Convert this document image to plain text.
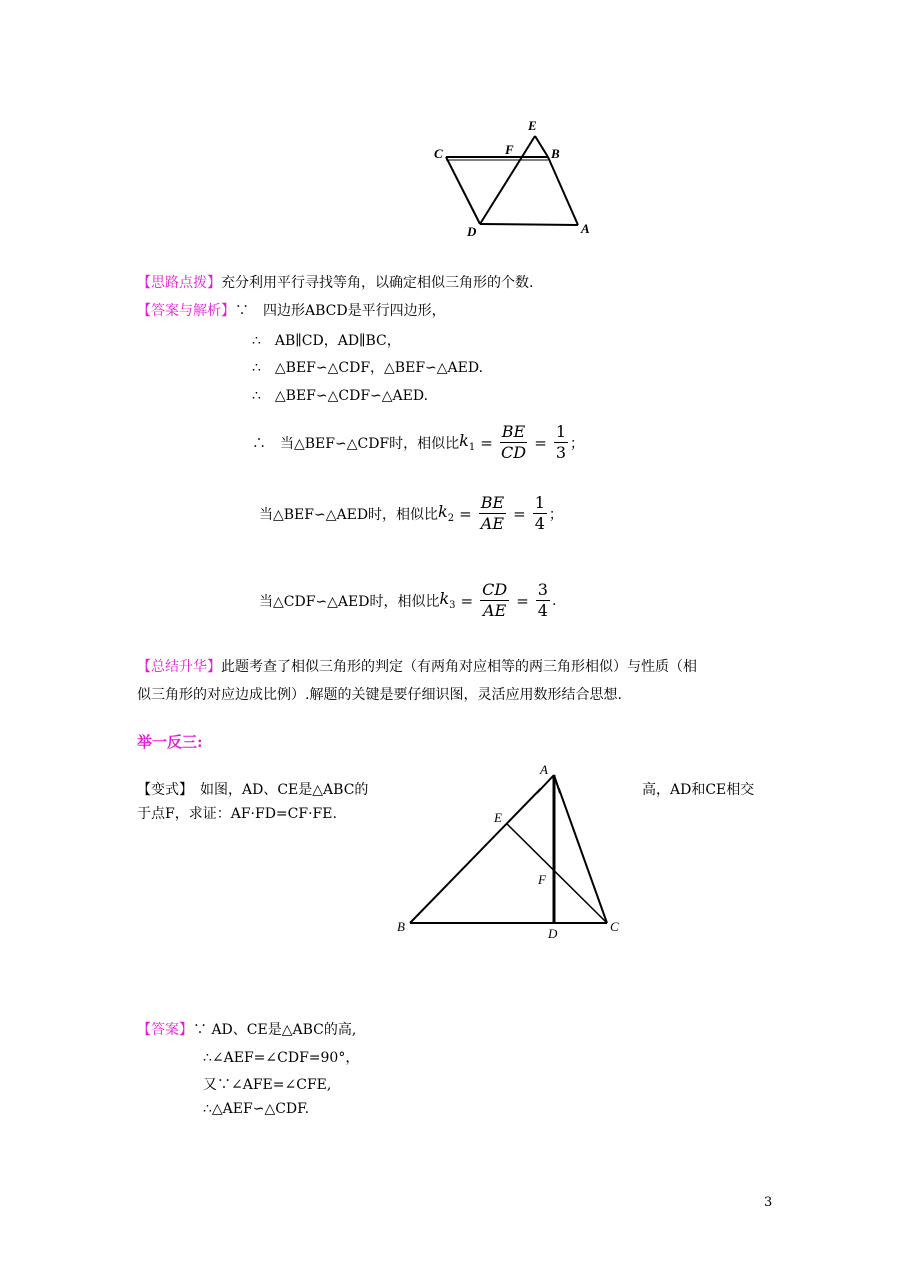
E
F	B
C
D	A
【思路点拨】充分利用平行寻找等角，以确定相似三角形的个数.
【答案与解析】∵　四边形ABCD是平行四边形，
∴　AB∥CD，AD∥BC，
∴　△BEF∽△CDF，△BEF∽△AED.
∴　△BEF∽△CDF∽△AED.
∴　当△BEF∽△CDF时，相似比 $k_1 = \frac{BE}{CD} = \frac{1}{3}$ ；
当△BEF∽△AED时，相似比 $k_2 = \frac{BE}{AE} = \frac{1}{4}$ ；
当△CDF∽△AED时，相似比 $k_3 = \frac{CD}{AE} = \frac{3}{4}$ .
【总结升华】此题考查了相似三角形的判定（有两角对应相等的两三角形相似）与性质（相
似三角形的对应边成比例）.解题的关键是要仔细识图，灵活应用数形结合思想.
举一反三:
【变式】　如图，AD、CE是△ABC的	高，AD和CE相交
于点F，求证：AF·FD=CF·FE.	E
F
B	D	C
A
【答案】∵ AD、CE是△ABC的高,
∴∠AEF=∠CDF=90°，
又∵∠AFE=∠CFE,
∴△AEF∽△CDF.
3
